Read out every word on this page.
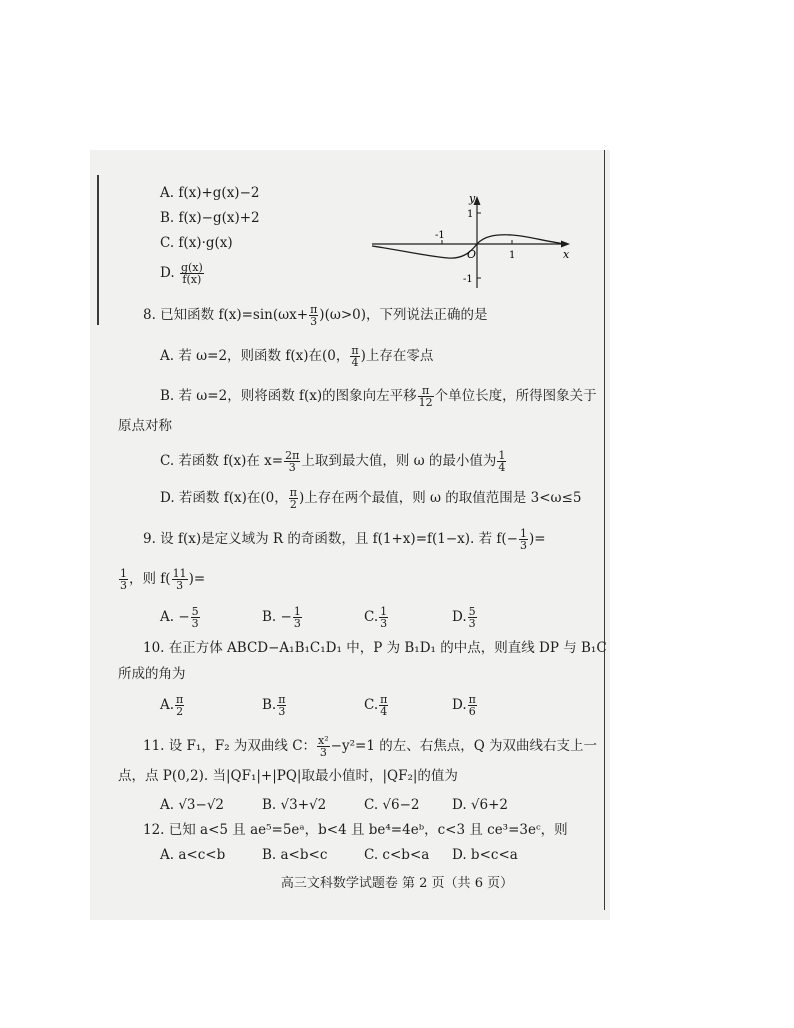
A. f(x)+g(x)−2
B. f(x)−g(x)+2
C. f(x)·g(x)
D. $\frac{g(x)}{f(x)}$
y
x
O
1
-1
-1
1
8. 已知函数 $f(x)=\sin(\omega x+ \frac{\pi}{3} )(\omega>0)$，下列说法正确的是
A. 若 ω=2，则函数 f(x)在(0， $\frac{\pi}{4}$ )上存在零点
B. 若 ω=2，则将函数 f(x)的图象向左平移 $\frac{\pi}{12}$ 个单位长度，所得图象关于
原点对称
C. 若函数 f(x)在 $x= \frac{2\pi}{3}$ 上取到最大值，则 ω 的最小值为 $\frac{1}{4}$
D. 若函数 f(x)在(0， $\frac{\pi}{2}$ )上存在两个最值，则 ω 的取值范围是 3<ω≤5
9. 设 f(x)是定义域为 R 的奇函数，且 f(1+x)=f(1−x). 若 $f(- \frac{1}{3}$ )=
$\frac{1}{3}$ ，则 $f( \frac{11}{3}$ )=
A. − $\frac{5}{3}$	B. − $\frac{1}{3}$	C. $\frac{1}{3}$	D. $\frac{5}{3}$
10. 在正方体 ABCD−A₁B₁C₁D₁ 中，P 为 B₁D₁ 的中点，则直线 DP 与 B₁C
所成的角为
A. $\frac{\pi}{2}$	B. $\frac{\pi}{3}$	C. $\frac{\pi}{4}$	D. $\frac{\pi}{6}$
11. 设 F₁，F₂ 为双曲线 C： $\frac{\text{x²}}{3} -y^2=1$ 的左、右焦点，Q 为双曲线右支上一
点，点 P(0,2). 当|QF₁|+|PQ|取最小值时，|QF₂|的值为
A. √3−√2	B. √3+√2	C. √6−2 D. √6+2
12. 已知 a<5 且 ae⁵=5eᵃ，b<4 且 be⁴=4eᵇ，c<3 且 ce³=3eᶜ，则
A. a<c<b	B. a<b<c	C. c<b<a D. b<c<a
高三文科数学试题卷 第 2 页（共 6 页）
